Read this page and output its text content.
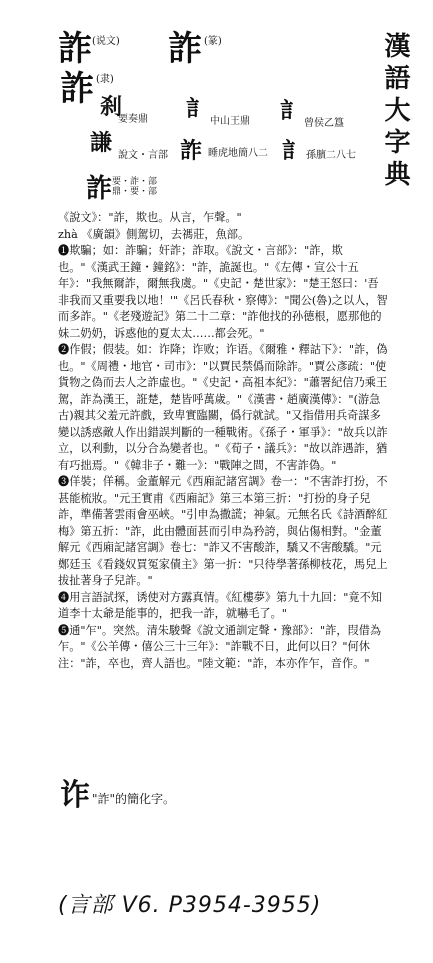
詐 (说文) 詐 (篆)
詐 (隶)
刹
要奏鼎 訁 中山王鼎 訁 曾侯乙簋
謙 說文・言部 詐 睡虎地簡八二 訁 孫臏二八七
詐 要・詐・部
鼎・要・部	漢語大字典
《說文》："詐，欺也。从言，乍聲。"
zhà 《廣韻》側駕切，去禡莊，魚部。
❶欺騙；如：詐騙；奸詐；詐取。《說文・言部》："詐，欺也。"《漢武王鐘・鐘銘》："詐，詭誕也。"《左傳・宣公十五年》："我無爾詐，爾無我虞。"《史記・楚世家》："楚王怒曰：'吾非我而又重要我以地！'"《呂氏春秋・察傳》："聞公(魯)之以人，智而多詐。"《老殘遊記》第二十二章："詐他找的孙德根，愿那他的妹二奶奶，诉惑他的夏太太……都会死。"
❷作假；假装。如：诈降；诈败；诈语。《爾雅・釋詁下》："詐，偽也。"《周禮・地官・司市》："以賈民禁僞而除詐。"賈公彥疏："使貨物之偽而去人之詐虛也。"《史記・高祖本紀》："蕭署紀信乃乘王駕，詐為漢王，誑楚，楚皆呼萬歲。"《漢書・趙廣漢傳》："(游急古)親其父羞元許戲，致卑實臨關，僞行就試。"又指借用兵奇謀多變以誘惑敵人作出錯誤判斷的一種戰術。《孫子・軍爭》："故兵以詐立，以利動，以分合為變者也。"《荀子・議兵》："故以詐遇詐，猶有巧拙焉。"《韓非子・難一》："戰陣之間，不害詐偽。"
❸佯裝；佯稱。金董解元《西廂記諸宮調》卷一："不害詐打扮，不甚能梳妝。"元王實甫《西廂記》第三本第三折："打扮的身子兒詐，準備著雲雨會巫峽。"引申為撒謊；神氣。元無名氏《詩酒醉紅梅》第五折："詐，此由體面甚而引申為矜誇，與佔傷相對。"金董解元《西廂記諸宮調》卷七："詐又不害酸詐，驕又不害酸驕。"元鄭廷玉《看錢奴買冤家債主》第一折："只待學著孫柳枝花，馬兒上拔扯著身子兒詐。"
❹用言語試探，诱使对方露真情。《紅樓夢》第九十九回："竟不知道李十太爺是能事的，把我一詐，就嚇毛了。"
❺通"乍"。突然。清朱駿聲《說文通訓定聲・豫部》："詐，叚借為乍。"《公羊傳・僖公三十三年》："詐戰不日，此何以日？"何休注："詐，卒也，齊人語也。"陸文範："詐，本亦作乍，音作。"
诈 "詐"的簡化字。
(言部 V6. P3954-3955)
